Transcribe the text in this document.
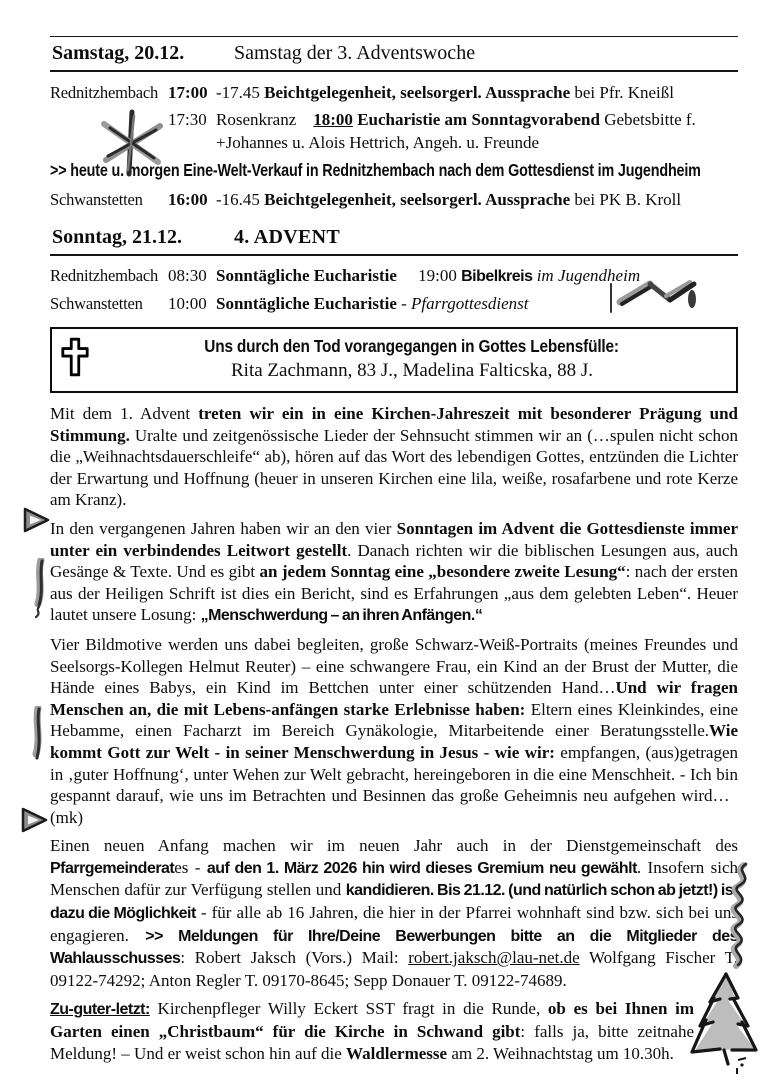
Samstag, 20.12.	Samstag der 3. Adventswoche
Rednitzhembach 17:00 -17.45 Beichtgelegenheit, seelsorgerl. Aussprache bei Pfr. Kneißl
17:30 Rosenkranz 18:00 Eucharistie am Sonntagvorabend Gebetsbitte f. +Johannes u. Alois Hettrich, Angeh. u. Freunde
>> heute u. morgen Eine-Welt-Verkauf in Rednitzhembach nach dem Gottesdienst im Jugendheim
Schwanstetten	16:00 -16.45 Beichtgelegenheit, seelsorgerl. Aussprache bei PK B. Kroll
Sonntag, 21.12.	4. ADVENT
Rednitzhembach 08:30 Sonntägliche Eucharistie  19:00 Bibelkreis im Jugendheim
Schwanstetten	10:00 Sonntägliche Eucharistie - Pfarrgottesdienst
Uns durch den Tod vorangegangen in Gottes Lebensfülle:
Rita Zachmann, 83 J., Madelina Falticska, 88 J.

Mit dem 1. Advent treten wir ein in eine Kirchen-Jahreszeit mit besonderer Prägung und Stimmung. Uralte und zeitgenössische Lieder der Sehnsucht stimmen wir an (…spulen nicht schon die „Weihnachtsdauerschleife“ ab), hören auf das Wort des lebendigen Gottes, entzünden die Lichter der Erwartung und Hoffnung (heuer in unseren Kirchen eine lila, weiße, rosafarbene und rote Kerze am Kranz).

In den vergangenen Jahren haben wir an den vier Sonntagen im Advent die Gottesdienste immer unter ein verbindendes Leitwort gestellt. Danach richten wir die biblischen Lesungen aus, auch Gesänge & Texte. Und es gibt an jedem Sonntag eine „besondere zweite Lesung“: nach der ersten aus der Heiligen Schrift ist dies ein Bericht, sind es Erfahrungen „aus dem gelebten Leben“. Heuer lautet unsere Losung: „Menschwerdung – an ihren Anfängen.“

Vier Bildmotive werden uns dabei begleiten, große Schwarz-Weiß-Portraits (meines Freundes und Seelsorgs-Kollegen Helmut Reuter) – eine schwangere Frau, ein Kind an der Brust der Mutter, die Hände eines Babys, ein Kind im Bettchen unter einer schützenden Hand…Und wir fragen Menschen an, die mit Lebens-anfängen starke Erlebnisse haben: Eltern eines Kleinkindes, eine Hebamme, einen Facharzt im Bereich Gynäkologie, Mitarbeitende einer Beratungsstelle.Wie kommt Gott zur Welt - in seiner Menschwerdung in Jesus - wie wir: empfangen, (aus)getragen in ‚guter Hoffnung‘, unter Wehen zur Welt gebracht, hereingeboren in die eine Menschheit. - Ich bin gespannt darauf, wie uns im Betrachten und Besinnen das große Geheimnis neu aufgehen wird…  (mk)

Einen neuen Anfang machen wir im neuen Jahr auch in der Dienstgemeinschaft des Pfarrgemeinderates - auf den 1. März 2026 hin wird dieses Gremium neu gewählt. Insofern sich Menschen dafür zur Verfügung stellen und kandidieren. Bis 21.12. (und natürlich schon ab jetzt!) ist dazu die Möglichkeit - für alle ab 16 Jahren, die hier in der Pfarrei wohnhaft sind bzw. sich bei uns engagieren. >> Meldungen für Ihre/Deine Bewerbungen bitte an die Mitglieder des Wahlausschusses: Robert Jaksch (Vors.) Mail: robert.jaksch@lau-net.de Wolfgang Fischer T. 09122-74292; Anton Regler T. 09170-8645; Sepp Donauer T. 09122-74689.

Zu-guter-letzt: Kirchenpfleger Willy Eckert SST fragt in die Runde, ob es bei Ihnen im Garten einen „Christbaum“ für die Kirche in Schwand gibt: falls ja, bitte zeitnahe Meldung! – Und er weist schon hin auf die Waldlermesse am 2. Weihnachtstag um 10.30h.
